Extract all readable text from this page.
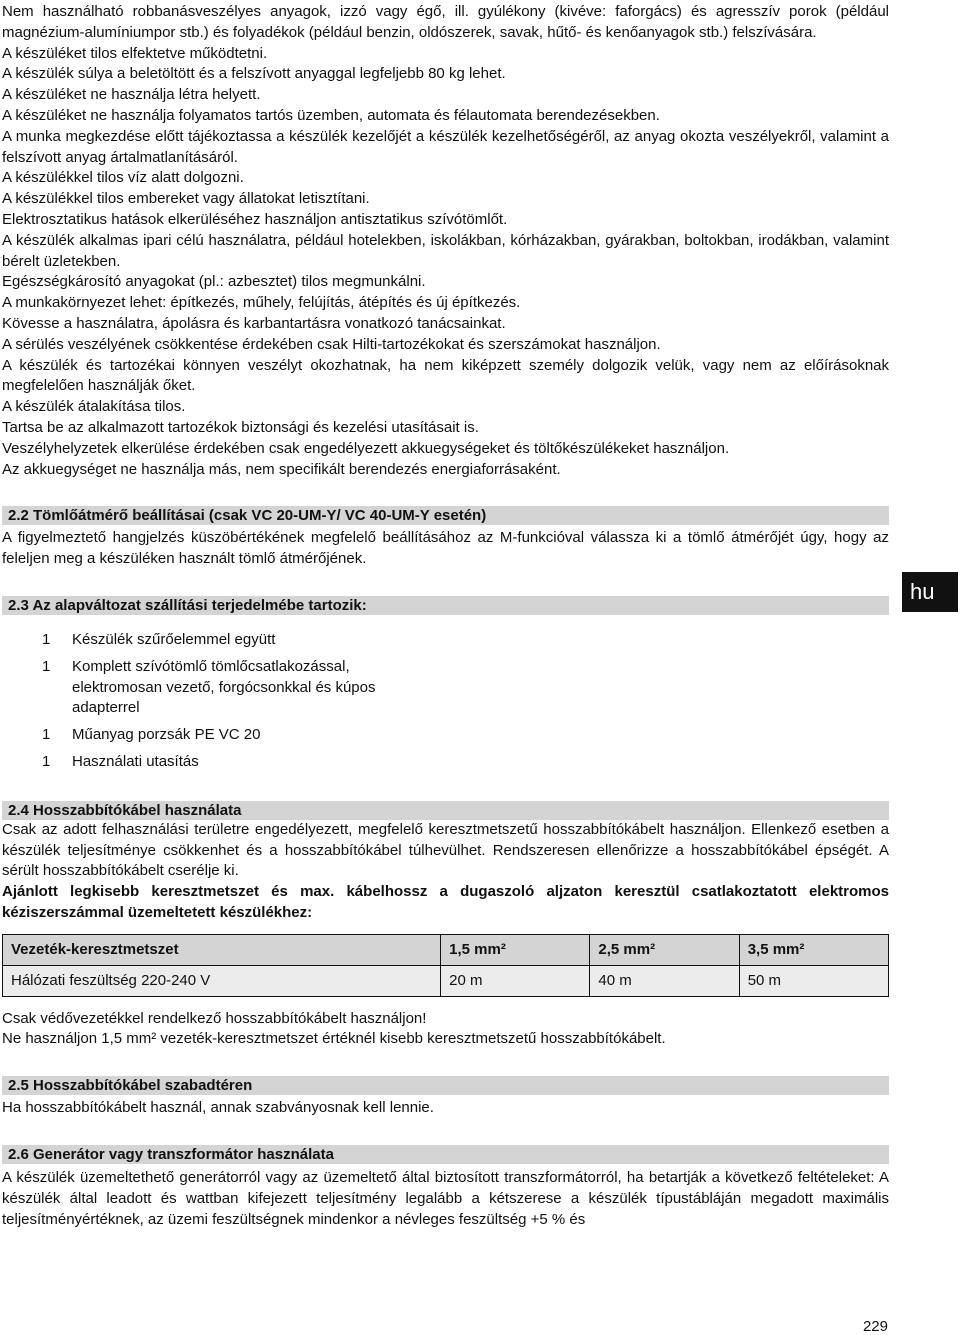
Nem használható robbanásveszélyes anyagok, izzó vagy égő, ill. gyúlékony (kivéve: faforgács) és agresszív porok (például magnézium-alumíniumpor stb.) és folyadékok (például benzin, oldószerek, savak, hűtő- és kenőanyagok stb.) felszívására.

A készüléket tilos elfektetve működtetni.

A készülék súlya a beletöltött és a felszívott anyaggal legfeljebb 80 kg lehet.

A készüléket ne használja létra helyett.

A készüléket ne használja folyamatos tartós üzemben, automata és félautomata berendezésekben.

A munka megkezdése előtt tájékoztassa a készülék kezelőjét a készülék kezelhetőségéről, az anyag okozta veszélyekről, valamint a felszívott anyag ártalmatlanításáról.

A készülékkel tilos víz alatt dolgozni.

A készülékkel tilos embereket vagy állatokat letisztítani.

Elektrosztatikus hatások elkerüléséhez használjon antisztatikus szívótömlőt.

A készülék alkalmas ipari célú használatra, például hotelekben, iskolákban, kórházakban, gyárakban, boltokban, irodákban, valamint bérelt üzletekben.

Egészségkárosító anyagokat (pl.: azbesztet) tilos megmunkálni.

A munkakörnyezet lehet: építkezés, műhely, felújítás, átépítés és új építkezés.

Kövesse a használatra, ápolásra és karbantartásra vonatkozó tanácsainkat.

A sérülés veszélyének csökkentése érdekében csak Hilti-tartozékokat és szerszámokat használjon.

A készülék és tartozékai könnyen veszélyt okozhatnak, ha nem kiképzett személy dolgozik velük, vagy nem az előírásoknak megfelelően használják őket.

A készülék átalakítása tilos.

Tartsa be az alkalmazott tartozékok biztonsági és kezelési utasításait is.

Veszélyhelyzetek elkerülése érdekében csak engedélyezett akkuegységeket és töltőkészülékeket használjon.

Az akkuegységet ne használja más, nem specifikált berendezés energiaforrásaként.

2.2 Tömlőátmérő beállításai (csak VC 20-UM-Y/ VC 40-UM-Y esetén)

A figyelmeztető hangjelzés küszöbértékének megfelelő beállításához az M-funkcióval válassza ki a tömlő átmérőjét úgy, hogy az feleljen meg a készüléken használt tömlő átmérőjének.

2.3 Az alapváltozat szállítási terjedelmébe tartozik:
1	Készülék szűrőelemmel együtt
1	Komplett szívótömlő tömlőcsatlakozással, elektromosan vezető, forgócsonkkal és kúpos adapterrel
1	Műanyag porzsák PE VC 20
1	Használati utasítás
2.4 Hosszabbítókábel használata

Csak az adott felhasználási területre engedélyezett, megfelelő keresztmetszetű hosszabbítókábelt használjon. Ellenkező esetben a készülék teljesítménye csökkenhet és a hosszabbítókábel túlhevülhet. Rendszeresen ellenőrizze a hosszabbítókábel épségét. A sérült hosszabbítókábelt cserélje ki.

Ajánlott legkisebb keresztmetszet és max. kábelhossz a dugaszoló aljzaton keresztül csatlakoztatott elektromos kéziszerszámmal üzemeltetett készülékhez:

Vezeték-keresztmetszet	1,5 mm²	2,5 mm²	3,5 mm²
Hálózati feszültség 220-240 V	20 m	40 m	50 m

Csak védővezetékkel rendelkező hosszabbítókábelt használjon!

Ne használjon 1,5 mm² vezeték-keresztmetszet értéknél kisebb keresztmetszetű hosszabbítókábelt.

2.5 Hosszabbítókábel szabadtéren

Ha hosszabbítókábelt használ, annak szabványosnak kell lennie.

2.6 Generátor vagy transzformátor használata

A készülék üzemeltethető generátorról vagy az üzemeltető által biztosított transzformátorról, ha betartják a következő feltételeket: A készülék által leadott és wattban kifejezett teljesítmény legalább a kétszerese a készülék típustábláján megadott maximális teljesítményértéknek, az üzemi feszültségnek mindenkor a névleges feszültség +5 % és

hu
229
